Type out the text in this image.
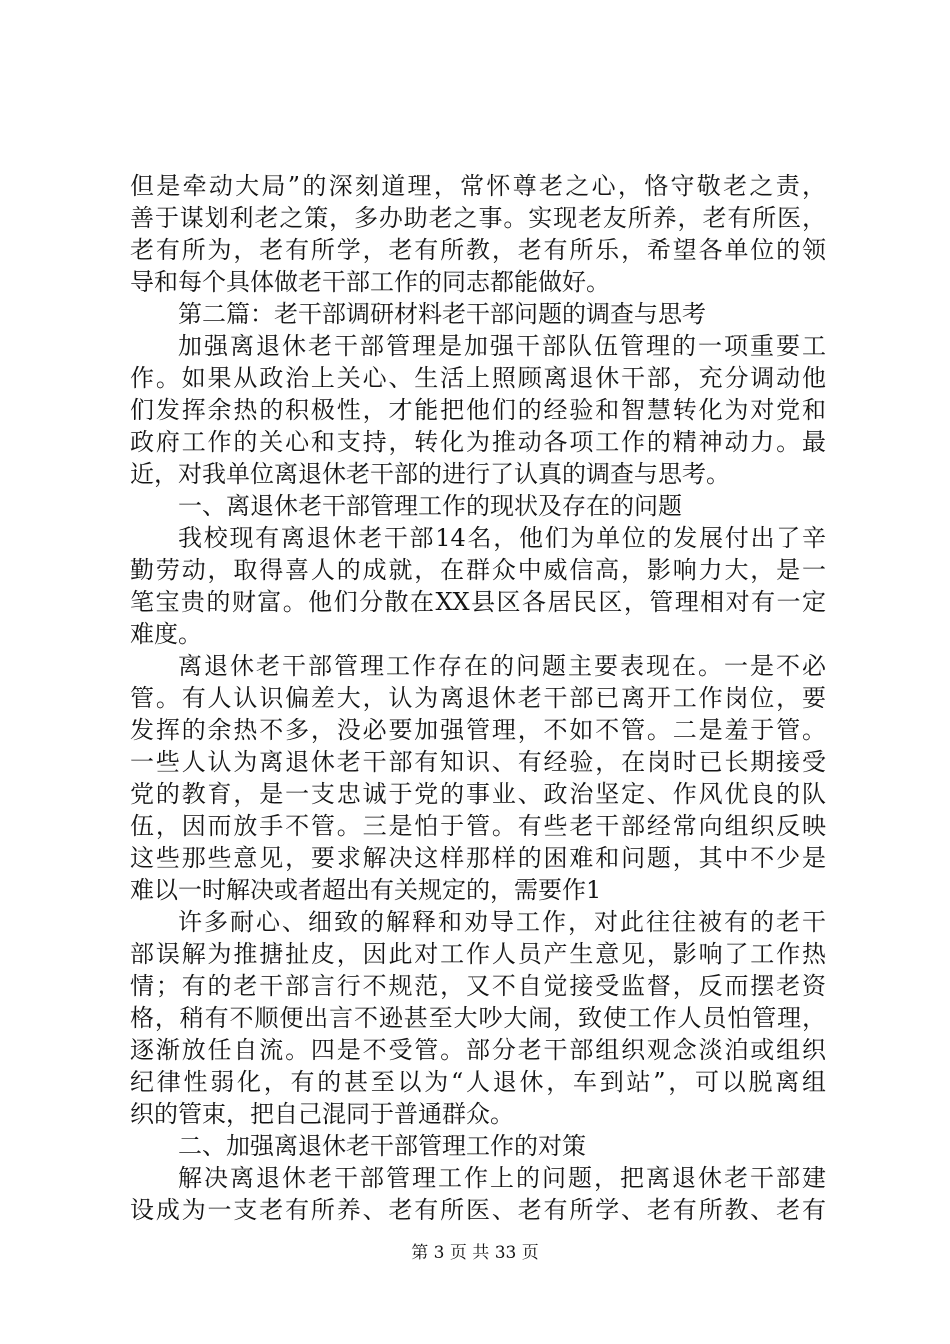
但是牵动大局”的深刻道理，常怀尊老之心，恪守敬老之责，
善于谋划利老之策，多办助老之事。实现老友所养，老有所医，
老有所为，老有所学，老有所教，老有所乐，希望各单位的领
导和每个具体做老干部工作的同志都能做好。
第二篇：老干部调研材料老干部问题的调查与思考
加强离退休老干部管理是加强干部队伍管理的一项重要工
作。如果从政治上关心、生活上照顾离退休干部，充分调动他
们发挥余热的积极性，才能把他们的经验和智慧转化为对党和
政府工作的关心和支持，转化为推动各项工作的精神动力。最
近，对我单位离退休老干部的进行了认真的调查与思考。
一、离退休老干部管理工作的现状及存在的问题
我校现有离退休老干部14名，他们为单位的发展付出了辛
勤劳动，取得喜人的成就，在群众中威信高，影响力大，是一
笔宝贵的财富。他们分散在XX县区各居民区，管理相对有一定
难度。
离退休老干部管理工作存在的问题主要表现在。一是不必
管。有人认识偏差大，认为离退休老干部已离开工作岗位，要
发挥的余热不多，没必要加强管理，不如不管。二是羞于管。
一些人认为离退休老干部有知识、有经验，在岗时已长期接受
党的教育，是一支忠诚于党的事业、政治坚定、作风优良的队
伍，因而放手不管。三是怕于管。有些老干部经常向组织反映
这些那些意见，要求解决这样那样的困难和问题，其中不少是
难以一时解决或者超出有关规定的，需要作1
许多耐心、细致的解释和劝导工作，对此往往被有的老干
部误解为推搪扯皮，因此对工作人员产生意见，影响了工作热
情；有的老干部言行不规范，又不自觉接受监督，反而摆老资
格，稍有不顺便出言不逊甚至大吵大闹，致使工作人员怕管理，
逐渐放任自流。四是不受管。部分老干部组织观念淡泊或组织
纪律性弱化，有的甚至以为“人退休，车到站”，可以脱离组
织的管束，把自己混同于普通群众。
二、加强离退休老干部管理工作的对策
解决离退休老干部管理工作上的问题，把离退休老干部建
设成为一支老有所养、老有所医、老有所学、老有所教、老有
第 3 页 共 33 页
